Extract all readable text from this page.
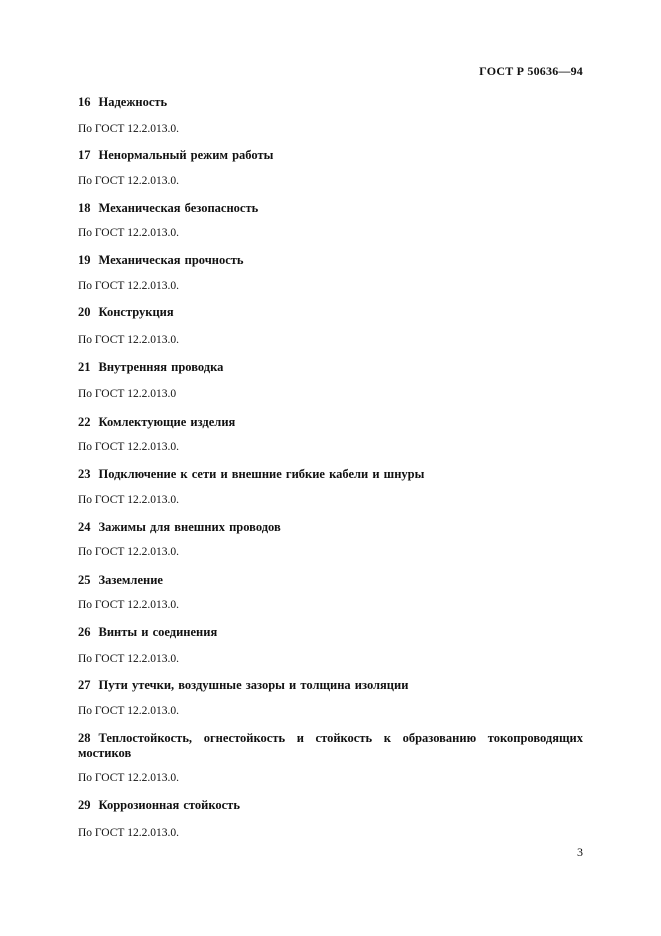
ГОСТ Р 50636—94
16 Надежность
По ГОСТ 12.2.013.0.
17 Ненормальный режим работы
По ГОСТ 12.2.013.0.
18 Механическая безопасность
По ГОСТ 12.2.013.0.
19 Механическая прочность
По ГОСТ 12.2.013.0.
20 Конструкция
По ГОСТ 12.2.013.0.
21 Внутренняя проводка
По ГОСТ 12.2.013.0
22 Комлектующие изделия
По ГОСТ 12.2.013.0.
23 Подключение к сети и внешние гибкие кабели и шнуры
По ГОСТ 12.2.013.0.
24 Зажимы для внешних проводов
По ГОСТ 12.2.013.0.
25 Заземление
По ГОСТ 12.2.013.0.
26 Винты и соединения
По ГОСТ 12.2.013.0.
27 Пути утечки, воздушные зазоры и толщина изоляции
По ГОСТ 12.2.013.0.
28 Теплостойкость, огнестойкость и стойкость к образованию токопроводящих мостиков
По ГОСТ 12.2.013.0.
29 Коррозионная стойкость
По ГОСТ 12.2.013.0.
3
